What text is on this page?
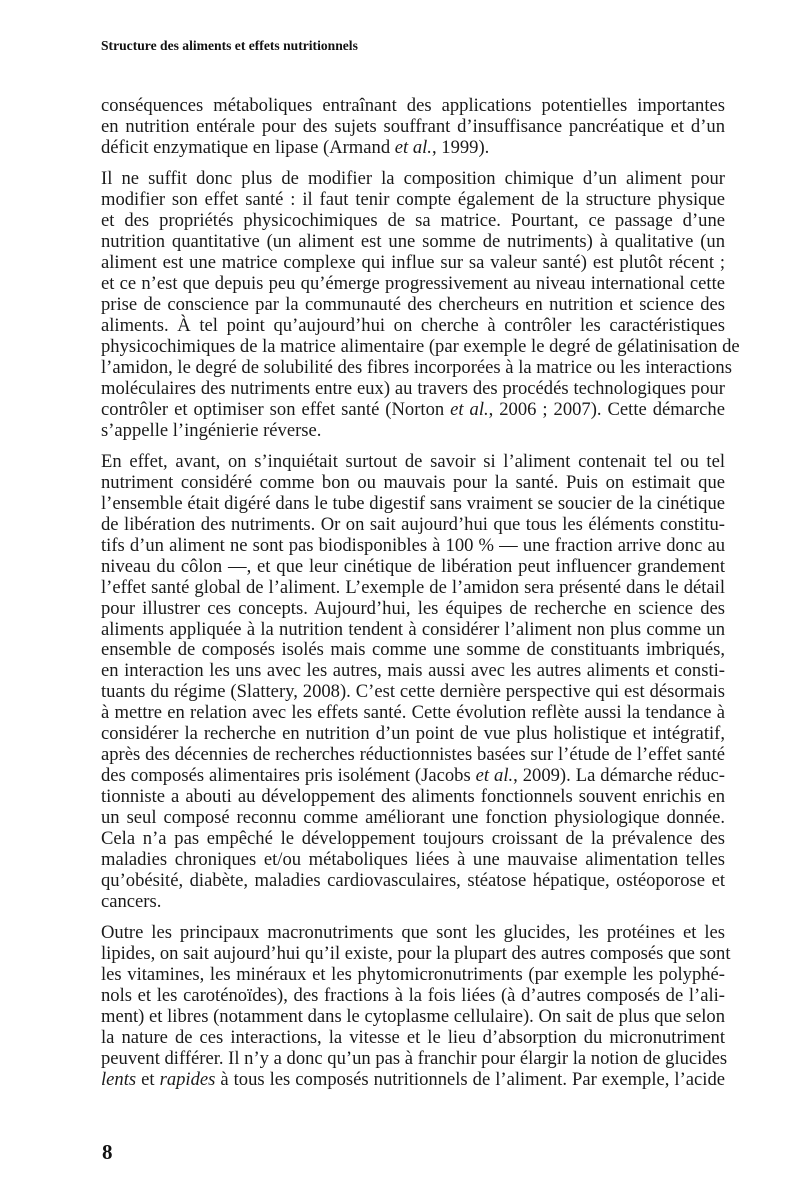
Structure des aliments et effets nutritionnels
conséquences métaboliques entraînant des applications potentielles importantes
en nutrition entérale pour des sujets souffrant d’insuffisance pancréatique et d’un
déficit enzymatique en lipase (Armand et al., 1999).
Il ne suffit donc plus de modifier la composition chimique d’un aliment pour
modifier son effet santé : il faut tenir compte également de la structure physique
et des propriétés physicochimiques de sa matrice. Pourtant, ce passage d’une
nutrition quantitative (un aliment est une somme de nutriments) à qualitative (un
aliment est une matrice complexe qui influe sur sa valeur santé) est plutôt récent ;
et ce n’est que depuis peu qu’émerge progressivement au niveau international cette
prise de conscience par la communauté des chercheurs en nutrition et science des
aliments. À tel point qu’aujourd’hui on cherche à contrôler les caractéristiques
physicochimiques de la matrice alimentaire (par exemple le degré de gélatinisation de
l’amidon, le degré de solubilité des fibres incorporées à la matrice ou les interactions
moléculaires des nutriments entre eux) au travers des procédés technologiques pour
contrôler et optimiser son effet santé (Norton et al., 2006 ; 2007). Cette démarche
s’appelle l’ingénierie réverse.
En effet, avant, on s’inquiétait surtout de savoir si l’aliment contenait tel ou tel
nutriment considéré comme bon ou mauvais pour la santé. Puis on estimait que
l’ensemble était digéré dans le tube digestif sans vraiment se soucier de la cinétique
de libération des nutriments. Or on sait aujourd’hui que tous les éléments constitu-
tifs d’un aliment ne sont pas biodisponibles à 100 % — une fraction arrive donc au
niveau du côlon —, et que leur cinétique de libération peut influencer grandement
l’effet santé global de l’aliment. L’exemple de l’amidon sera présenté dans le détail
pour illustrer ces concepts. Aujourd’hui, les équipes de recherche en science des
aliments appliquée à la nutrition tendent à considérer l’aliment non plus comme un
ensemble de composés isolés mais comme une somme de constituants imbriqués,
en interaction les uns avec les autres, mais aussi avec les autres aliments et consti-
tuants du régime (Slattery, 2008). C’est cette dernière perspective qui est désormais
à mettre en relation avec les effets santé. Cette évolution reflète aussi la tendance à
considérer la recherche en nutrition d’un point de vue plus holistique et intégratif,
après des décennies de recherches réductionnistes basées sur l’étude de l’effet santé
des composés alimentaires pris isolément (Jacobs et al., 2009). La démarche réduc-
tionniste a abouti au développement des aliments fonctionnels souvent enrichis en
un seul composé reconnu comme améliorant une fonction physiologique donnée.
Cela n’a pas empêché le développement toujours croissant de la prévalence des
maladies chroniques et/ou métaboliques liées à une mauvaise alimentation telles
qu’obésité, diabète, maladies cardiovasculaires, stéatose hépatique, ostéoporose et
cancers.
Outre les principaux macronutriments que sont les glucides, les protéines et les
lipides, on sait aujourd’hui qu’il existe, pour la plupart des autres composés que sont
les vitamines, les minéraux et les phytomicronutriments (par exemple les polyphé-
nols et les caroténoïdes), des fractions à la fois liées (à d’autres composés de l’ali-
ment) et libres (notamment dans le cytoplasme cellulaire). On sait de plus que selon
la nature de ces interactions, la vitesse et le lieu d’absorption du micronutriment
peuvent différer. Il n’y a donc qu’un pas à franchir pour élargir la notion de glucides
lents et rapides à tous les composés nutritionnels de l’aliment. Par exemple, l’acide
8
